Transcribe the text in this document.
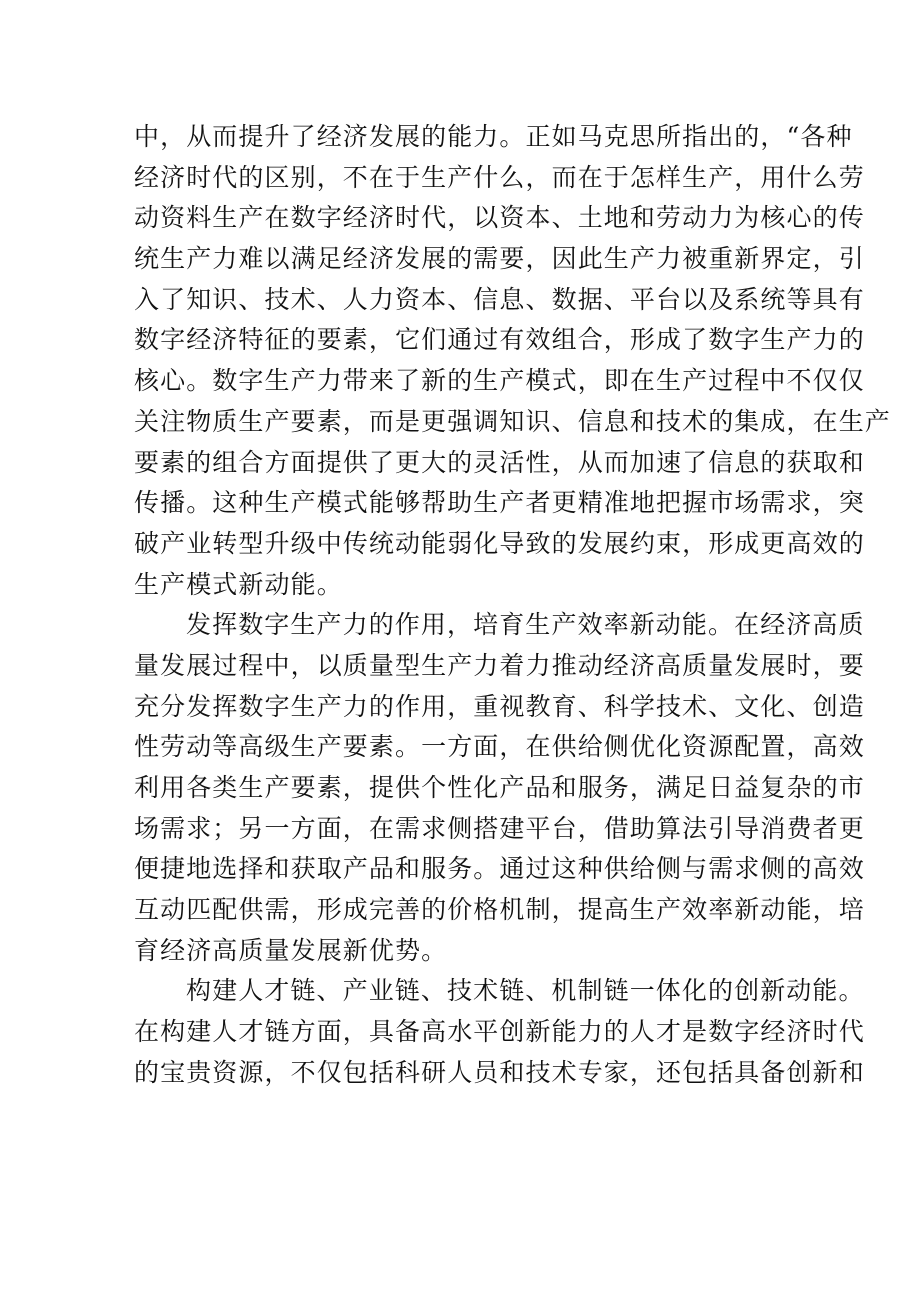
中，从而提升了经济发展的能力。正如马克思所指出的，“各种
经济时代的区别，不在于生产什么，而在于怎样生产，用什么劳
动资料生产在数字经济时代，以资本、土地和劳动力为核心的传
统生产力难以满足经济发展的需要，因此生产力被重新界定，引
入了知识、技术、人力资本、信息、数据、平台以及系统等具有
数字经济特征的要素，它们通过有效组合，形成了数字生产力的
核心。数字生产力带来了新的生产模式，即在生产过程中不仅仅
关注物质生产要素，而是更强调知识、信息和技术的集成，在生产
要素的组合方面提供了更大的灵活性，从而加速了信息的获取和
传播。这种生产模式能够帮助生产者更精准地把握市场需求，突
破产业转型升级中传统动能弱化导致的发展约束，形成更高效的
生产模式新动能。
发挥数字生产力的作用，培育生产效率新动能。在经济高质
量发展过程中，以质量型生产力着力推动经济高质量发展时，要
充分发挥数字生产力的作用，重视教育、科学技术、文化、创造
性劳动等高级生产要素。一方面，在供给侧优化资源配置，高效
利用各类生产要素，提供个性化产品和服务，满足日益复杂的市
场需求；另一方面，在需求侧搭建平台，借助算法引导消费者更
便捷地选择和获取产品和服务。通过这种供给侧与需求侧的高效
互动匹配供需，形成完善的价格机制，提高生产效率新动能，培
育经济高质量发展新优势。
构建人才链、产业链、技术链、机制链一体化的创新动能。
在构建人才链方面，具备高水平创新能力的人才是数字经济时代
的宝贵资源，不仅包括科研人员和技术专家，还包括具备创新和
